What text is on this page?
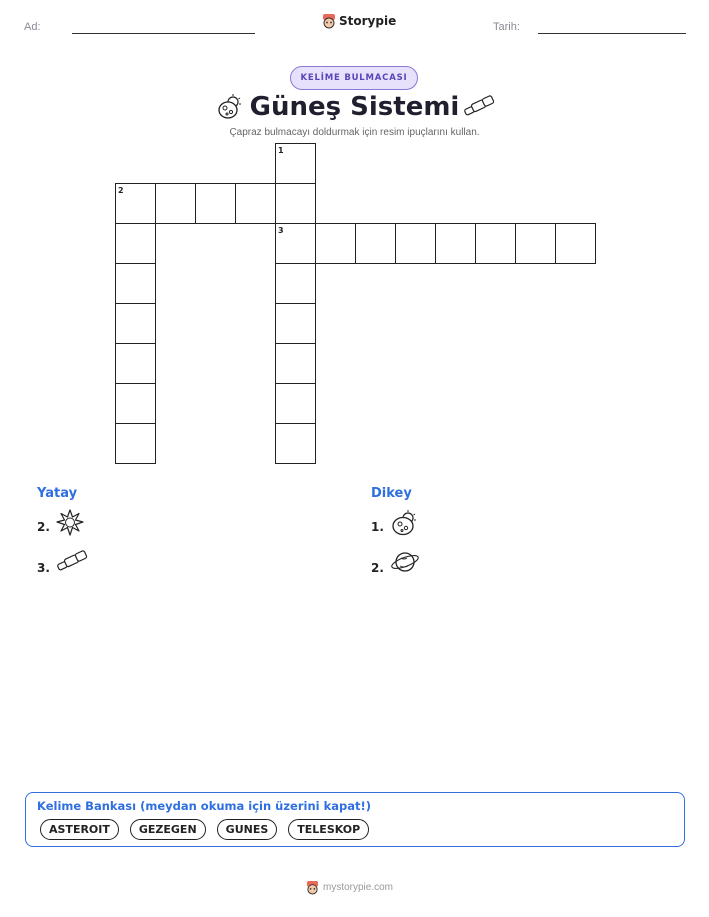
Ad:	Tarih:
Storypie
KELİME BULMACASI
Güneş Sistemi
Çapraz bulmacayı doldurmak için resim ipuçlarını kullan.
1
2
3
Yatay
2.
3.
Dikey
1.
2.
Kelime Bankası (meydan okuma için üzerini kapat!)
ASTEROIT	GEZEGEN	GUNES	TELESKOP
mystorypie.com
